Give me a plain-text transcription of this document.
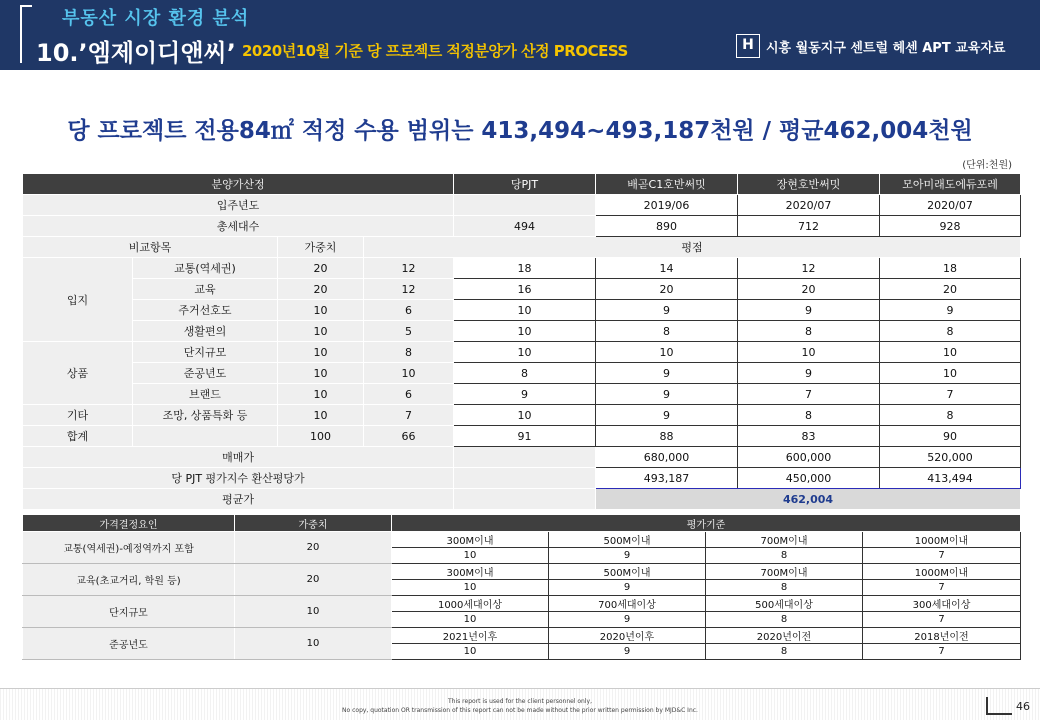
부동산 시장 환경 분석
10.’엠제이디앤씨’ 2020년10월 기준 당 프로젝트 적정분양가 산정 PROCESS	H 시흥 월동지구 센트럴 헤센 APT 교육자료
당 프로젝트 전용84㎡ 적정 수용 범위는 413,494~493,187천원 / 평균462,004천원
(단위:천원)
분양가산정				당PJT	배곧C1호반써밋	장현호반써밋	모아미래도에듀포레	
입주년도					2019/06	2020/07	2020/07	
총세대수				494	890	712	928	
비교항목		가중치	평점					
입지	교통(역세권)	20	12	18	14	12	18	
	교육	20	12	16	20	20	20	
	주거선호도	10	6	10	9	9	9	
	생활편의	10	5	10	8	8	8	
상품	단지규모	10	8	10	10	10	10	
	준공년도	10	10	8	9	9	10	
	브랜드	10	6	9	9	7	7	
기타	조망, 상품특화 등	10	7	10	9	8	8	
합계		100	66	91	88	83	90	
매매가					680,000	600,000	520,000	
당 PJT 평가지수 환산평당가					493,187	450,000	413,494	
평균가					462,004			
가격결정요인	가중치	평가기준			
교통(역세권)-예정역까지 포함	20	300M이내	500M이내	700M이내	1000M이내
		10	9	8	7
교육(초교거리, 학원 등)	20	300M이내	500M이내	700M이내	1000M이내
		10	9	8	7
단지규모	10	1000세대이상	700세대이상	500세대이상	300세대이상
		10	9	8	7
준공년도	10	2021년이후	2020년이후	2020년이전	2018년이전
		10	9	8	7
This report is used for the client personnel only,
No copy, quotation OR transmission of this report can not be made without the prior written permission by MJD&C Inc.	46
